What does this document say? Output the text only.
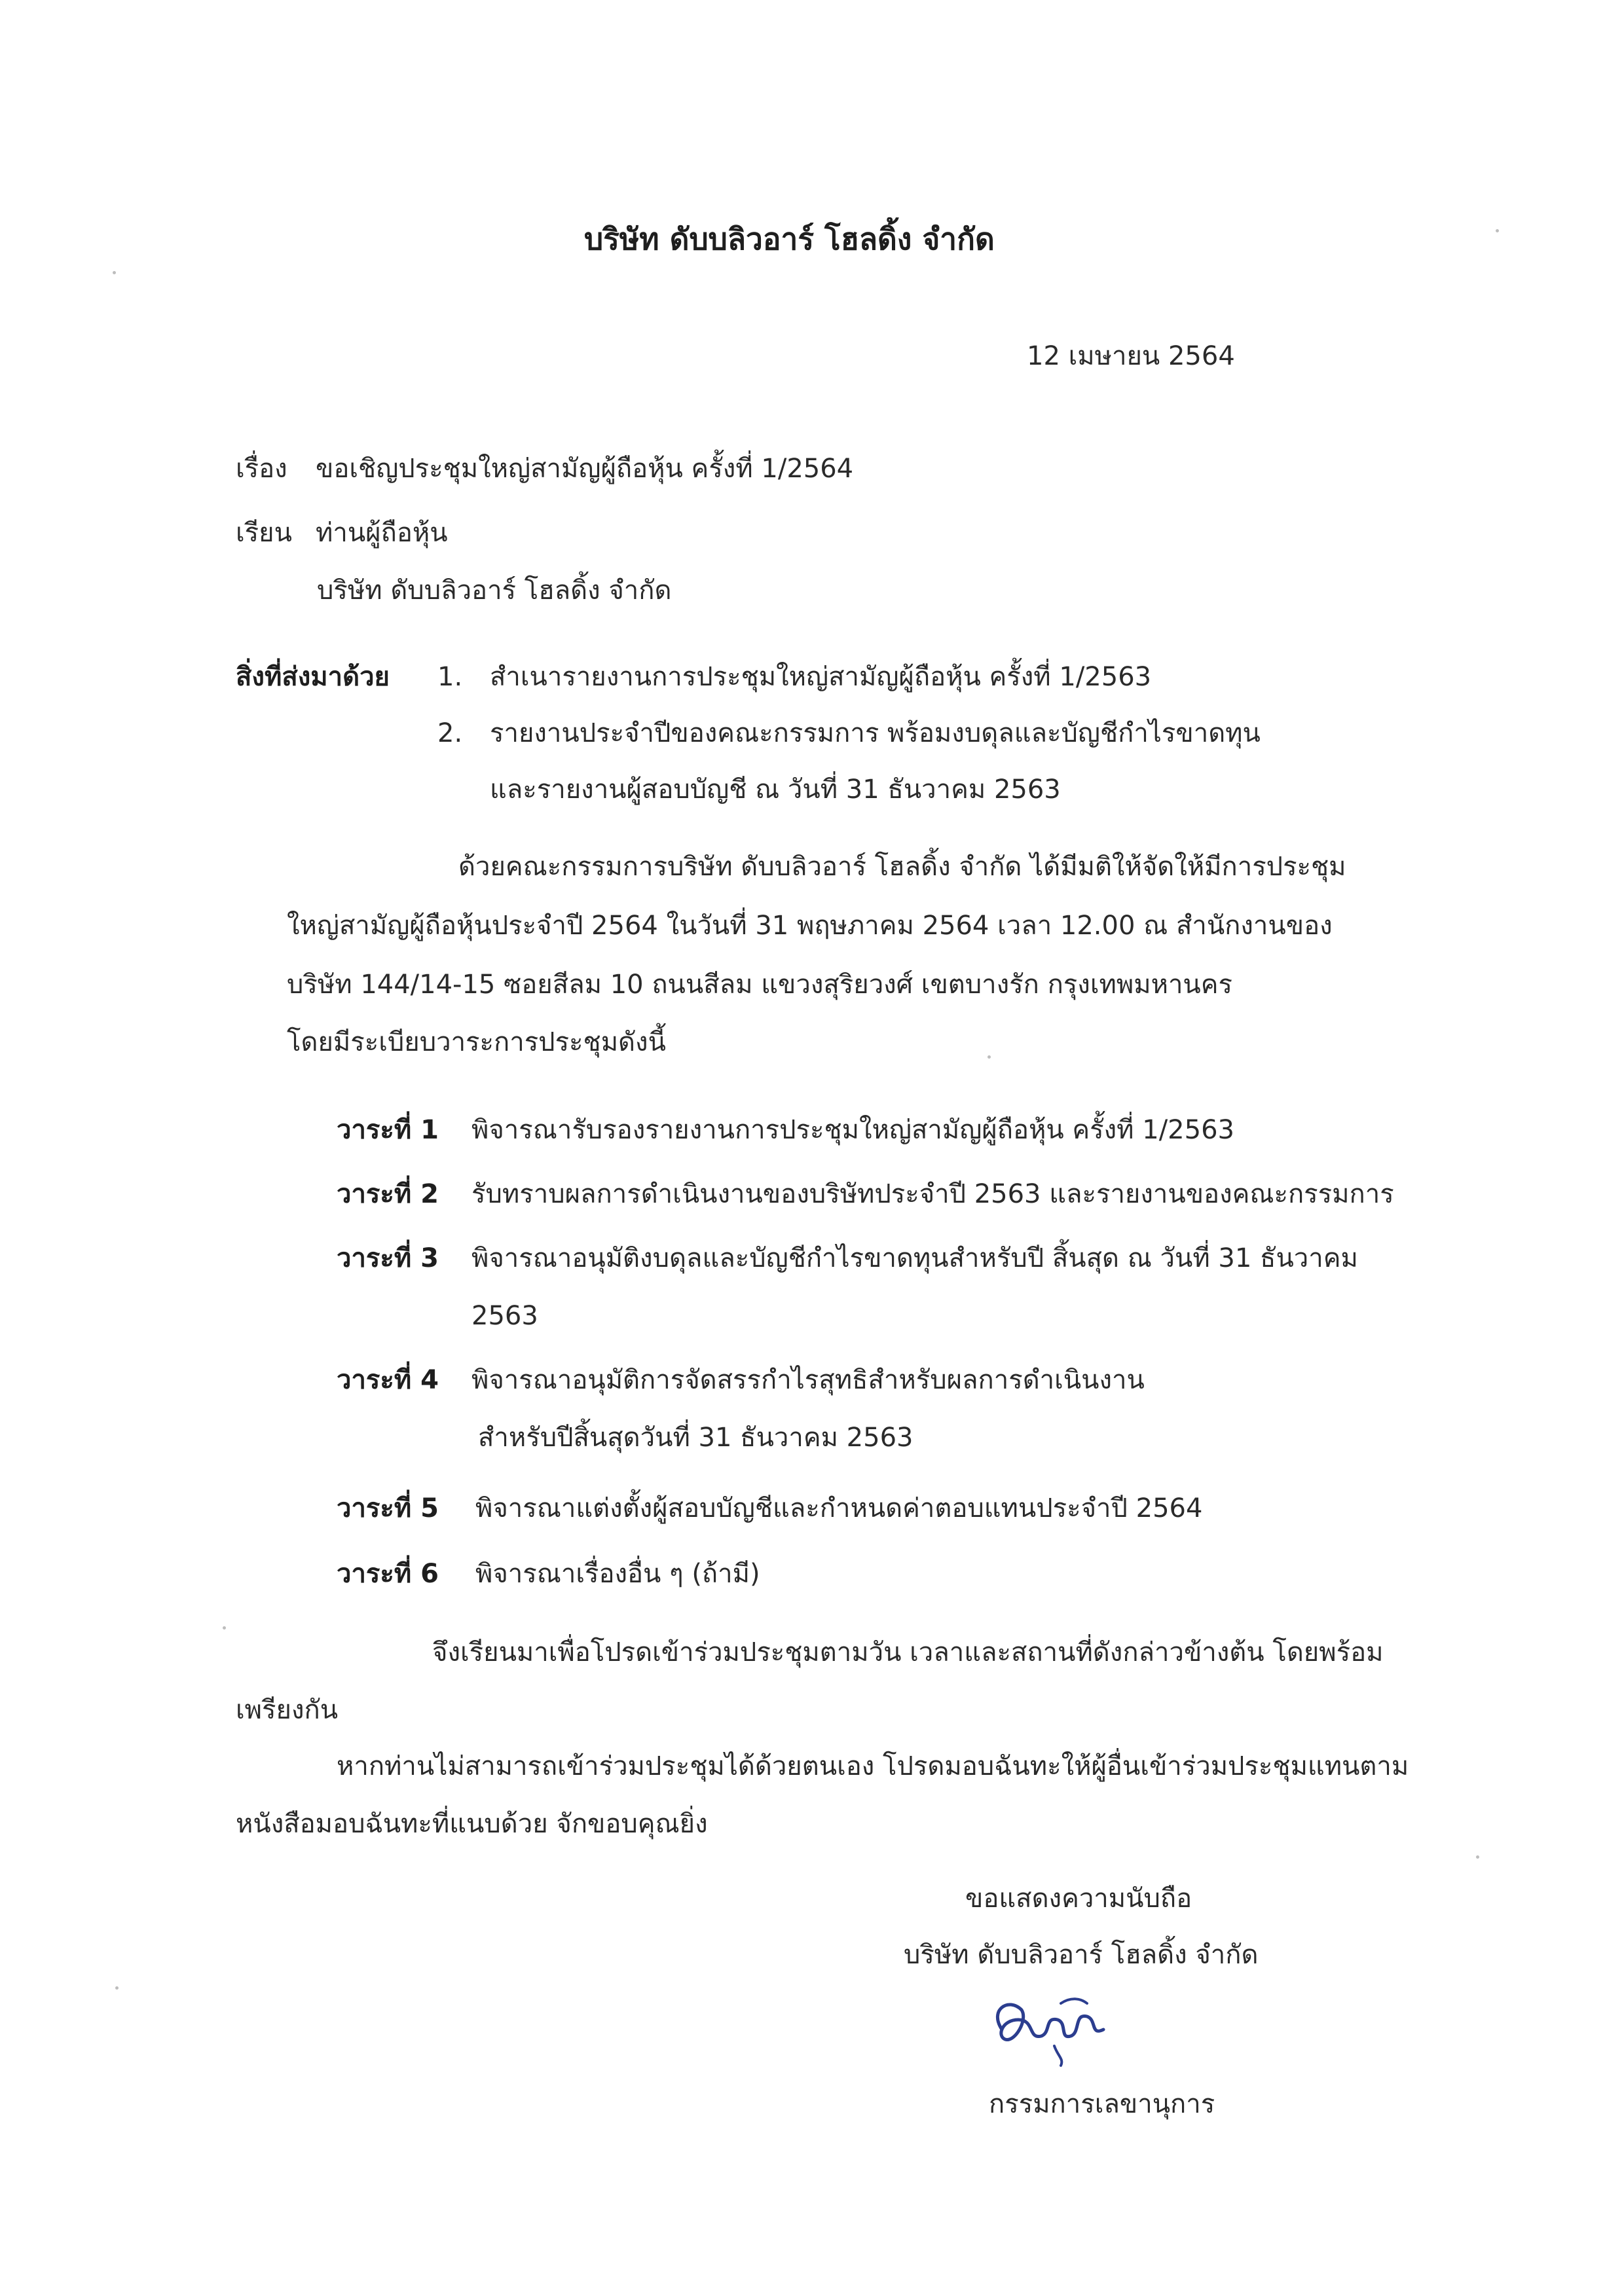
บริษัท ดับบลิวอาร์ โฮลดิ้ง จำกัด
12 เมษายน 2564
เรื่อง ขอเชิญประชุมใหญ่สามัญผู้ถือหุ้น ครั้งที่ 1/2564
เรียน ท่านผู้ถือหุ้น
บริษัท ดับบลิวอาร์ โฮลดิ้ง จำกัด
สิ่งที่ส่งมาด้วย 1. สำเนารายงานการประชุมใหญ่สามัญผู้ถือหุ้น ครั้งที่ 1/2563
2. รายงานประจำปีของคณะกรรมการ พร้อมงบดุลและบัญชีกำไรขาดทุน
และรายงานผู้สอบบัญชี ณ วันที่ 31 ธันวาคม 2563
ด้วยคณะกรรมการบริษัท ดับบลิวอาร์ โฮลดิ้ง จำกัด ได้มีมติให้จัดให้มีการประชุม
ใหญ่สามัญผู้ถือหุ้นประจำปี 2564 ในวันที่ 31 พฤษภาคม 2564 เวลา 12.00 ณ สำนักงานของ
บริษัท 144/14-15 ซอยสีลม 10 ถนนสีลม แขวงสุริยวงศ์ เขตบางรัก กรุงเทพมหานคร
โดยมีระเบียบวาระการประชุมดังนี้
วาระที่ 1 พิจารณารับรองรายงานการประชุมใหญ่สามัญผู้ถือหุ้น ครั้งที่ 1/2563
วาระที่ 2 รับทราบผลการดำเนินงานของบริษัทประจำปี 2563 และรายงานของคณะกรรมการ
วาระที่ 3 พิจารณาอนุมัติงบดุลและบัญชีกำไรขาดทุนสำหรับปี สิ้นสุด ณ วันที่ 31 ธันวาคม
2563
วาระที่ 4 พิจารณาอนุมัติการจัดสรรกำไรสุทธิสำหรับผลการดำเนินงาน
สำหรับปีสิ้นสุดวันที่ 31 ธันวาคม 2563
วาระที่ 5 พิจารณาแต่งตั้งผู้สอบบัญชีและกำหนดค่าตอบแทนประจำปี 2564
วาระที่ 6 พิจารณาเรื่องอื่น ๆ (ถ้ามี)
จึงเรียนมาเพื่อโปรดเข้าร่วมประชุมตามวัน เวลาและสถานที่ดังกล่าวข้างต้น โดยพร้อม
เพรียงกัน
หากท่านไม่สามารถเข้าร่วมประชุมได้ด้วยตนเอง โปรดมอบฉันทะให้ผู้อื่นเข้าร่วมประชุมแทนตาม
หนังสือมอบฉันทะที่แนบด้วย จักขอบคุณยิ่ง
ขอแสดงความนับถือ
บริษัท ดับบลิวอาร์ โฮลดิ้ง จำกัด
กรรมการเลขานุการ
